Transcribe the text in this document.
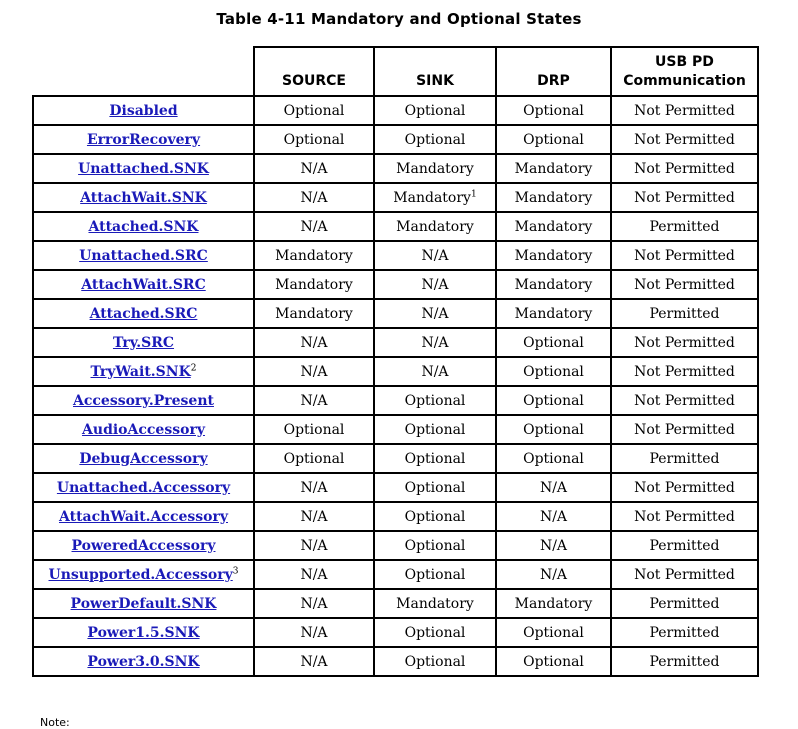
Table 4-11 Mandatory and Optional States
	SOURCE	SINK	DRP	USB PD Communication
Disabled	Optional	Optional	Optional	Not Permitted
ErrorRecovery	Optional	Optional	Optional	Not Permitted
Unattached.SNK	N/A	Mandatory	Mandatory	Not Permitted
AttachWait.SNK	N/A	Mandatory$^1$	Mandatory	Not Permitted
Attached.SNK	N/A	Mandatory	Mandatory	Permitted
Unattached.SRC	Mandatory	N/A	Mandatory	Not Permitted
AttachWait.SRC	Mandatory	N/A	Mandatory	Not Permitted
Attached.SRC	Mandatory	N/A	Mandatory	Permitted
Try.SRC	N/A	N/A	Optional	Not Permitted
TryWait.SNK$^2$	N/A	N/A	Optional	Not Permitted
Accessory.Present	N/A	Optional	Optional	Not Permitted
AudioAccessory	Optional	Optional	Optional	Not Permitted
DebugAccessory	Optional	Optional	Optional	Permitted
Unattached.Accessory	N/A	Optional	N/A	Not Permitted
AttachWait.Accessory	N/A	Optional	N/A	Not Permitted
PoweredAccessory	N/A	Optional	N/A	Permitted
Unsupported.Accessory$^3$	N/A	Optional	N/A	Not Permitted
PowerDefault.SNK	N/A	Mandatory	Mandatory	Permitted
Power1.5.SNK	N/A	Optional	Optional	Permitted
Power3.0.SNK	N/A	Optional	Optional	Permitted
Note:
